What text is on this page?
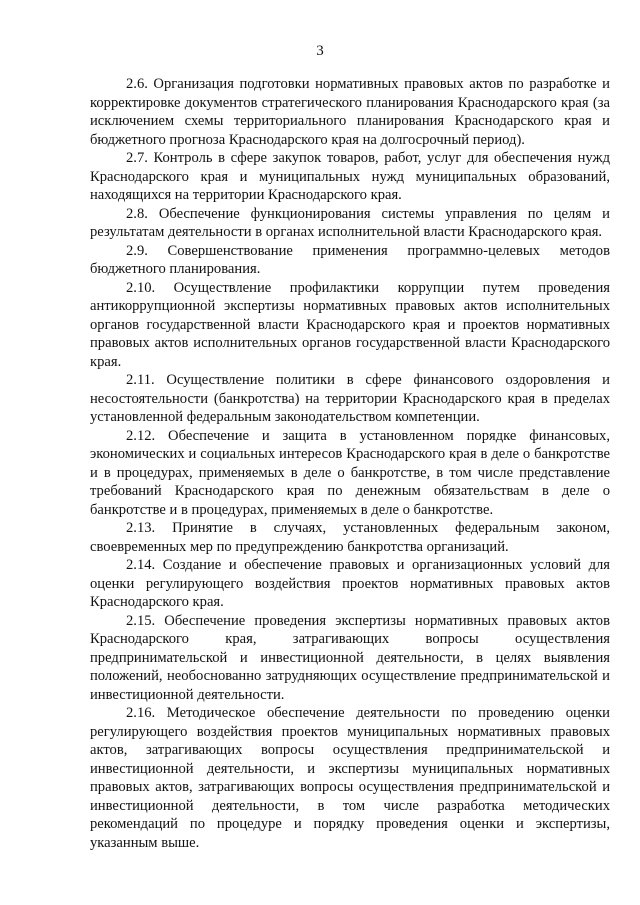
3

2.6. Организация подготовки нормативных правовых актов по разработке и корректировке документов стратегического планирования Краснодарского края (за исключением схемы территориального планирования Краснодарского края и бюджетного прогноза Краснодарского края на долгосрочный период).

2.7. Контроль в сфере закупок товаров, работ, услуг для обеспечения нужд Краснодарского края и муниципальных нужд муниципальных образований, находящихся на территории Краснодарского края.

2.8. Обеспечение функционирования системы управления по целям и результатам деятельности в органах исполнительной власти Краснодарского края.

2.9. Совершенствование применения программно-целевых методов бюджетного планирования.

2.10. Осуществление профилактики коррупции путем проведения антикоррупционной экспертизы нормативных правовых актов исполнительных органов государственной власти Краснодарского края и проектов нормативных правовых актов исполнительных органов государственной власти Краснодарского края.

2.11. Осуществление политики в сфере финансового оздоровления и несостоятельности (банкротства) на территории Краснодарского края в пределах установленной федеральным законодательством компетенции.

2.12. Обеспечение и защита в установленном порядке финансовых, экономических и социальных интересов Краснодарского края в деле о банкротстве и в процедурах, применяемых в деле о банкротстве, в том числе представление требований Краснодарского края по денежным обязательствам в деле о банкротстве и в процедурах, применяемых в деле о банкротстве.

2.13. Принятие в случаях, установленных федеральным законом, своевременных мер по предупреждению банкротства организаций.

2.14. Создание и обеспечение правовых и организационных условий для оценки регулирующего воздействия проектов нормативных правовых актов Краснодарского края.

2.15. Обеспечение проведения экспертизы нормативных правовых актов Краснодарского края, затрагивающих вопросы осуществления предпринимательской и инвестиционной деятельности, в целях выявления положений, необоснованно затрудняющих осуществление предпринимательской и инвестиционной деятельности.

2.16. Методическое обеспечение деятельности по проведению оценки регулирующего воздействия проектов муниципальных нормативных правовых актов, затрагивающих вопросы осуществления предпринимательской и инвестиционной деятельности, и экспертизы муниципальных нормативных правовых актов, затрагивающих вопросы осуществления предпринимательской и инвестиционной деятельности, в том числе разработка методических рекомендаций по процедуре и порядку проведения оценки и экспертизы, указанным выше.
